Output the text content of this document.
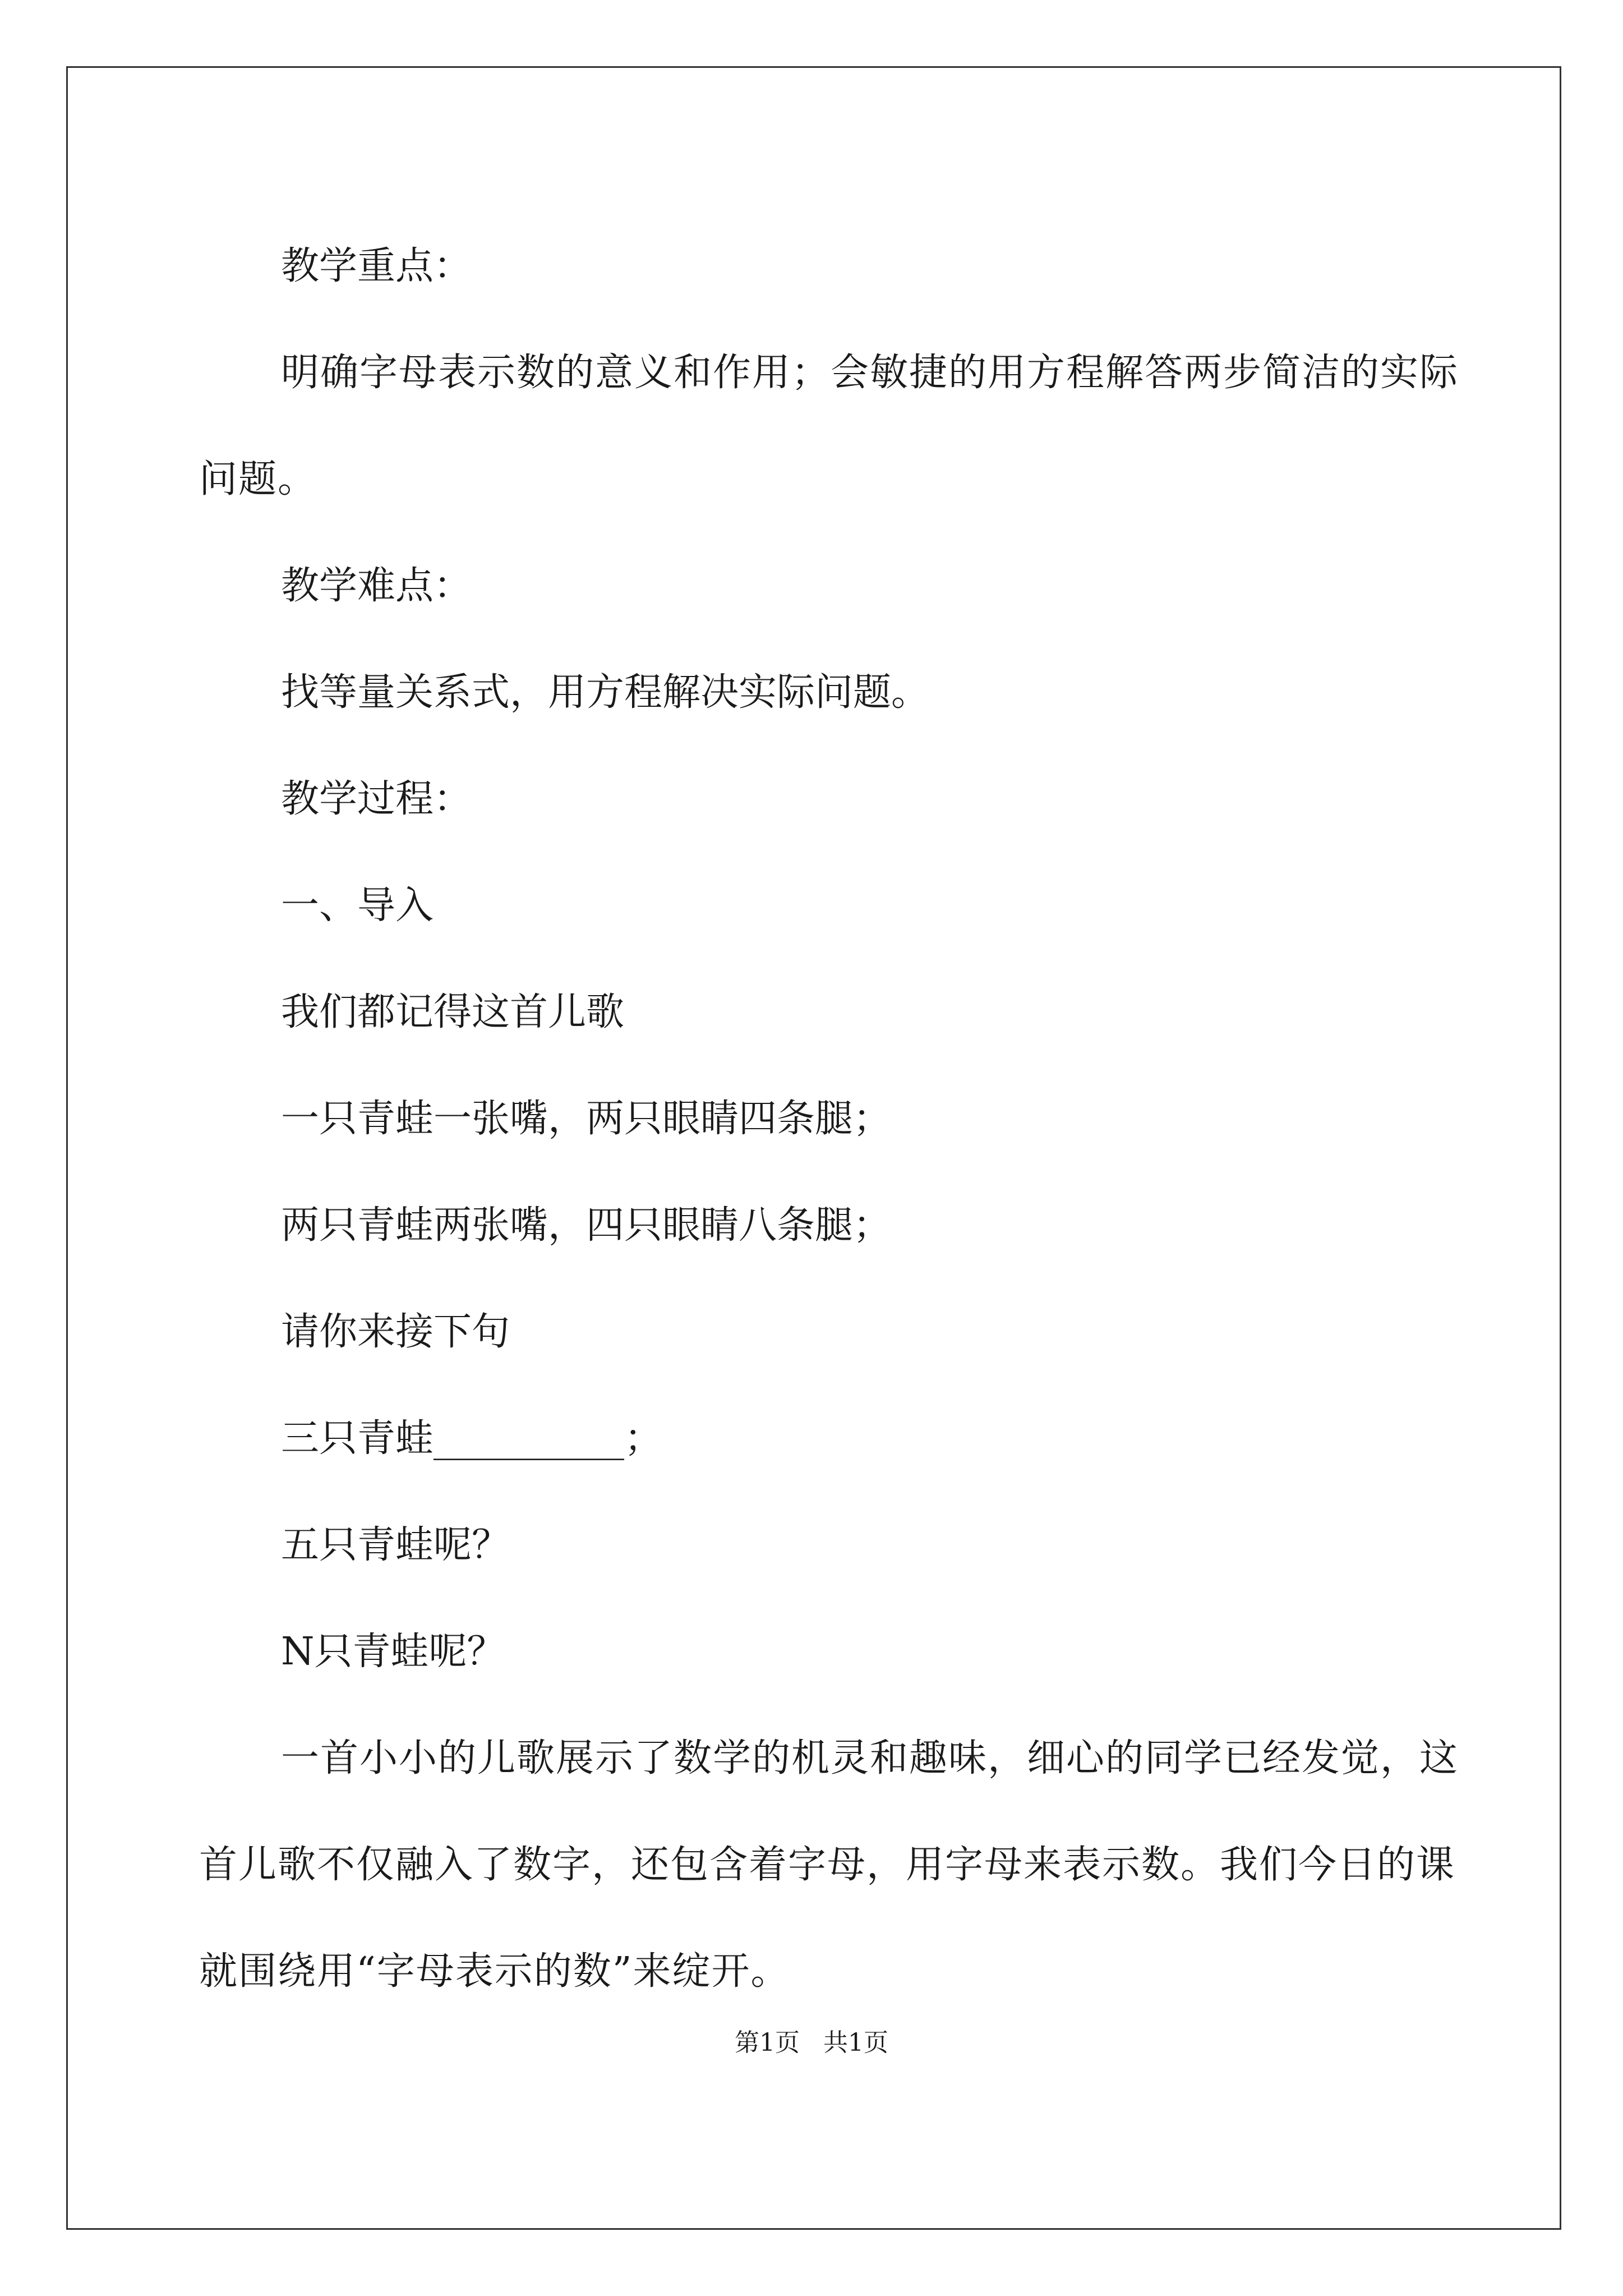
教学重点：

明确字母表示数的意义和作用；会敏捷的用方程解答两步简洁的实际问题。

教学难点：

找等量关系式，用方程解决实际问题。

教学过程：

一、导入

我们都记得这首儿歌

一只青蛙一张嘴，两只眼睛四条腿；

两只青蛙两张嘴，四只眼睛八条腿；

请你来接下句

三只青蛙__________；

五只青蛙呢？

N只青蛙呢？

一首小小的儿歌展示了数学的机灵和趣味，细心的同学已经发觉，这首儿歌不仅融入了数字，还包含着字母，用字母来表示数。我们今日的课就围绕用“字母表示的数”来绽开。

第1页   共1页
